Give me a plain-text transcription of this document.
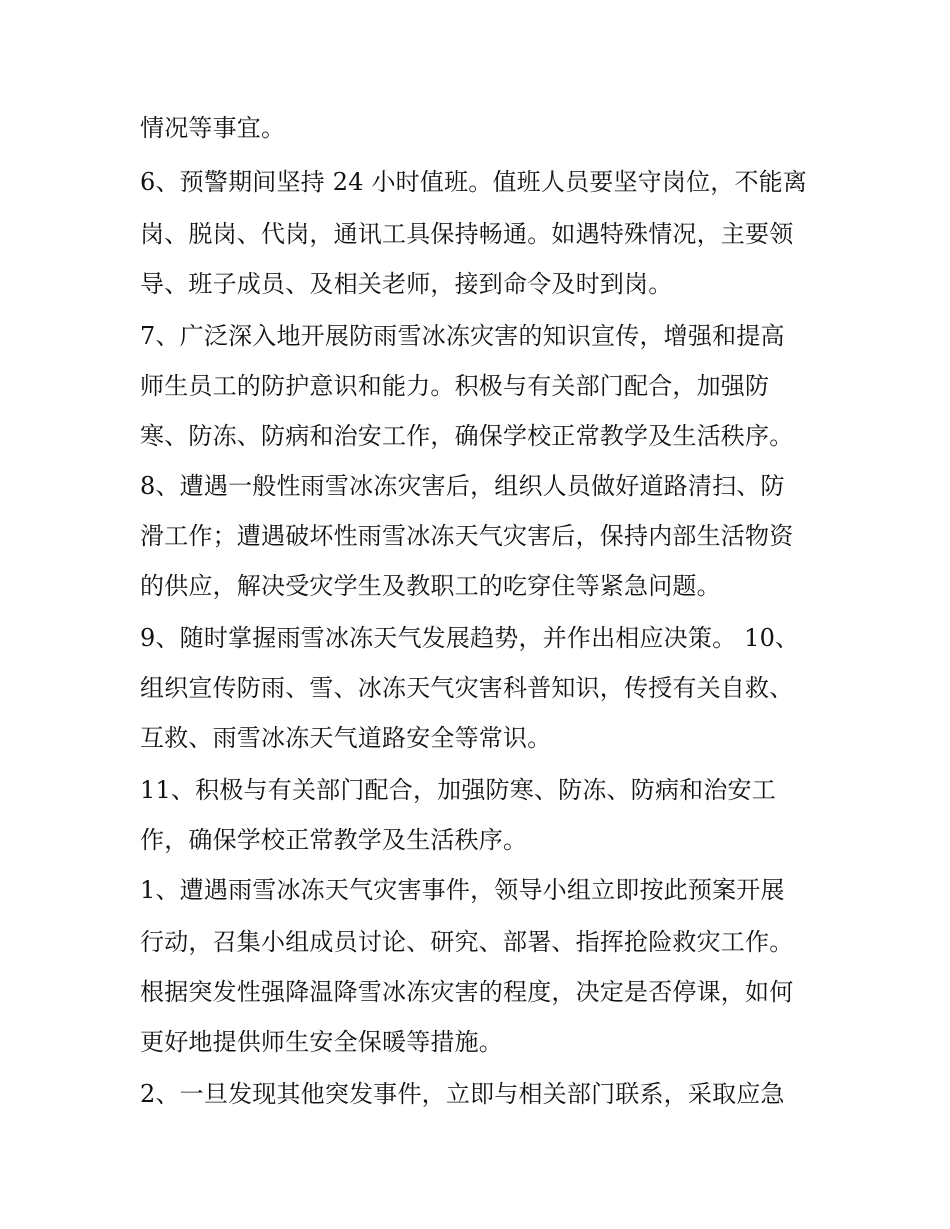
情况等事宜。
6、预警期间坚持 24 小时值班。值班人员要坚守岗位，不能离
岗、脱岗、代岗，通讯工具保持畅通。如遇特殊情况，主要领
导、班子成员、及相关老师，接到命令及时到岗。
7、广泛深入地开展防雨雪冰冻灾害的知识宣传，增强和提高
师生员工的防护意识和能力。积极与有关部门配合，加强防
寒、防冻、防病和治安工作，确保学校正常教学及生活秩序。
8、遭遇一般性雨雪冰冻灾害后，组织人员做好道路清扫、防
滑工作；遭遇破坏性雨雪冰冻天气灾害后，保持内部生活物资
的供应，解决受灾学生及教职工的吃穿住等紧急问题。
9、随时掌握雨雪冰冻天气发展趋势，并作出相应决策。 10、
组织宣传防雨、雪、冰冻天气灾害科普知识，传授有关自救、
互救、雨雪冰冻天气道路安全等常识。
11、积极与有关部门配合，加强防寒、防冻、防病和治安工
作，确保学校正常教学及生活秩序。
1、遭遇雨雪冰冻天气灾害事件，领导小组立即按此预案开展
行动，召集小组成员讨论、研究、部署、指挥抢险救灾工作。
根据突发性强降温降雪冰冻灾害的程度，决定是否停课，如何
更好地提供师生安全保暖等措施。
2、一旦发现其他突发事件，立即与相关部门联系，采取应急
